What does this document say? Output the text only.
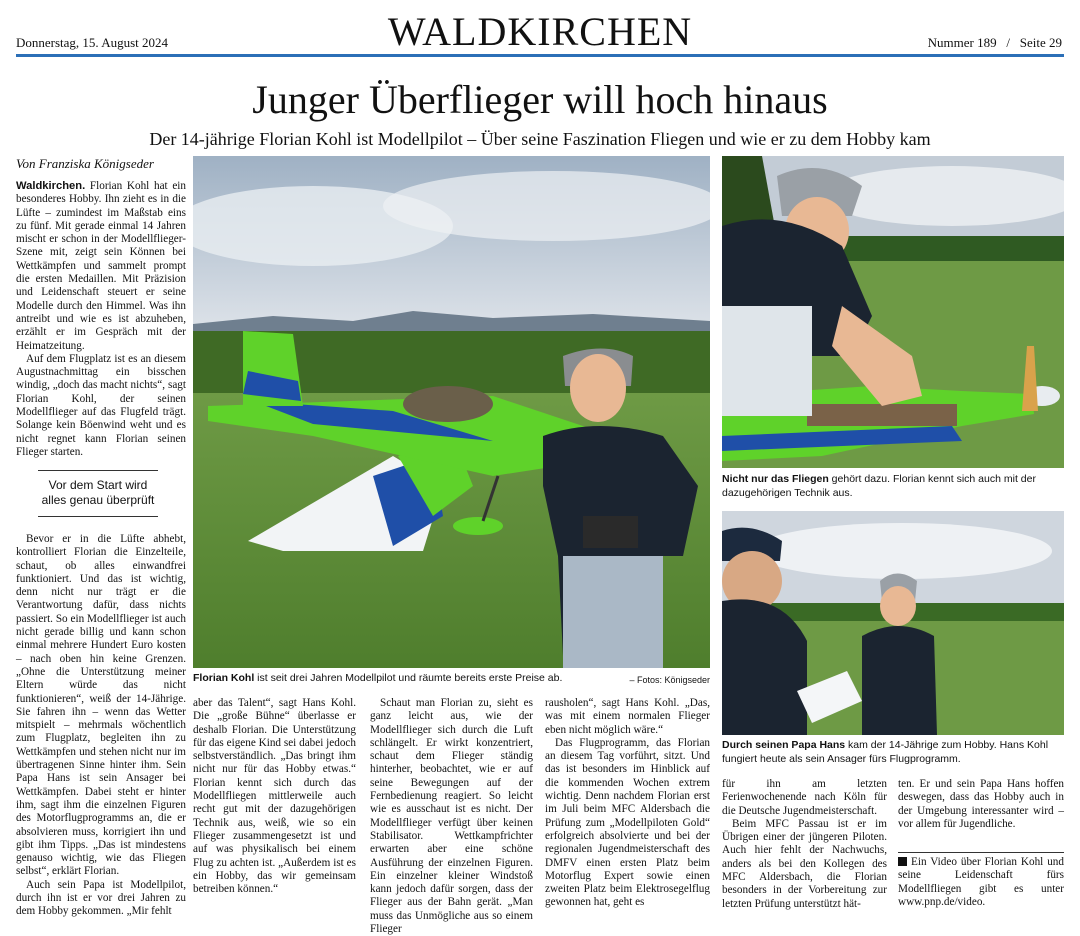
Donnerstag, 15. August 2024	WALDKIRCHEN	Nummer 189 / Seite 29
Junger Überflieger will hoch hinaus
Der 14-jährige Florian Kohl ist Modellpilot – Über seine Faszination Fliegen und wie er zu dem Hobby kam
Von Franziska Königseder

Waldkirchen. Florian Kohl hat ein besonderes Hobby. Ihn zieht es in die Lüfte – zumindest im Maßstab eins zu fünf. Mit gerade einmal 14 Jahren mischt er schon in der Modellflieger-Szene mit, zeigt sein Können bei Wettkämpfen und sammelt prompt die ersten Medaillen. Mit Präzision und Leidenschaft steuert er seine Modelle durch den Himmel. Was ihn antreibt und wie es ist abzuheben, erzählt er im Gespräch mit der Heimatzeitung.

Auf dem Flugplatz ist es an diesem Augustnachmittag ein bisschen windig, „doch das macht nichts“, sagt Florian Kohl, der seinen Modellflieger auf das Flugfeld trägt. Solange kein Böenwind weht und es nicht regnet kann Florian seinen Flieger starten.

Vor dem Start wird alles genau überprüft

Bevor er in die Lüfte abhebt, kontrolliert Florian die Einzelteile, schaut, ob alles einwandfrei funktioniert. Und das ist wichtig, denn nicht nur trägt er die Verantwortung dafür, dass nichts passiert. So ein Modellflieger ist auch nicht gerade billig und kann schon einmal mehrere Hundert Euro kosten – nach oben hin keine Grenzen. „Ohne die Unterstützung meiner Eltern würde das nicht funktionieren“, weiß der 14-Jährige. Sie fahren ihn – wenn das Wetter mitspielt – mehrmals wöchentlich zum Flugplatz, begleiten ihn zu Wettkämpfen und stehen nicht nur im übertragenen Sinne hinter ihm. Sein Papa Hans ist sein Ansager bei Wettkämpfen. Dabei steht er hinter ihm, sagt ihm die einzelnen Figuren des Motorflugprogramms an, die er absolvieren muss, korrigiert ihn und gibt ihm Tipps. „Das ist mindestens genauso wichtig, wie das Fliegen selbst“, erklärt Florian.

Auch sein Papa ist Modellpilot, durch ihn ist er vor drei Jahren zu dem Hobby gekommen. „Mir fehlt

Florian Kohl ist seit drei Jahren Modellpilot und räumte bereits erste Preise ab.	– Fotos: Königseder
Nicht nur das Fliegen gehört dazu. Florian kennt sich auch mit der dazugehörigen Technik aus.
Durch seinen Papa Hans kam der 14-Jährige zum Hobby. Hans Kohl fungiert heute als sein Ansager fürs Flugprogramm.

aber das Talent“, sagt Hans Kohl. Die „große Bühne“ überlasse er deshalb Florian. Die Unterstützung für das eigene Kind sei dabei jedoch selbstverständlich. „Das bringt ihm nicht nur für das Hobby etwas.“ Florian kennt sich durch das Modellfliegen mittlerweile auch recht gut mit der dazugehörigen Technik aus, weiß, wie so ein Flieger zusammengesetzt ist und auf was physikalisch bei einem Flug zu achten ist. „Außerdem ist es ein Hobby, das wir gemeinsam betreiben können.“

Schaut man Florian zu, sieht es ganz leicht aus, wie der Modellflieger sich durch die Luft schlängelt. Er wirkt konzentriert, schaut dem Flieger ständig hinterher, beobachtet, wie er auf seine Bewegungen auf der Fernbedienung reagiert. So leicht wie es ausschaut ist es nicht. Der Modellflieger verfügt über keinen Stabilisator. Wettkampfrichter erwarten aber eine schöne Ausführung der einzelnen Figuren. Ein einzelner kleiner Windstoß kann jedoch dafür sorgen, dass der Flieger aus der Bahn gerät. „Man muss das Unmögliche aus so einem Flieger

rausholen“, sagt Hans Kohl. „Das, was mit einem normalen Flieger eben nicht möglich wäre.“

Das Flugprogramm, das Florian an diesem Tag vorführt, sitzt. Und das ist besonders im Hinblick auf die kommenden Wochen extrem wichtig. Denn nachdem Florian erst im Juli beim MFC Aldersbach die Prüfung zum „Modellpiloten Gold“ erfolgreich absolvierte und bei der regionalen Jugendmeisterschaft des DMFV einen ersten Platz beim Motorflug Expert sowie einen zweiten Platz beim Elektrosegelflug gewonnen hat, geht es

für ihn am letzten Ferienwochenende nach Köln für die Deutsche Jugendmeisterschaft.

Beim MFC Passau ist er im Übrigen einer der jüngeren Piloten. Auch hier fehlt der Nachwuchs, anders als bei den Kollegen des MFC Aldersbach, die Florian besonders in der Vorbereitung zur letzten Prüfung unterstützt hät-

ten. Er und sein Papa Hans hoffen deswegen, dass das Hobby auch in der Umgebung interessanter wird – vor allem für Jugendliche.

Ein Video über Florian Kohl und seine Leidenschaft fürs Modellfliegen gibt es unter www.pnp.de/video.
